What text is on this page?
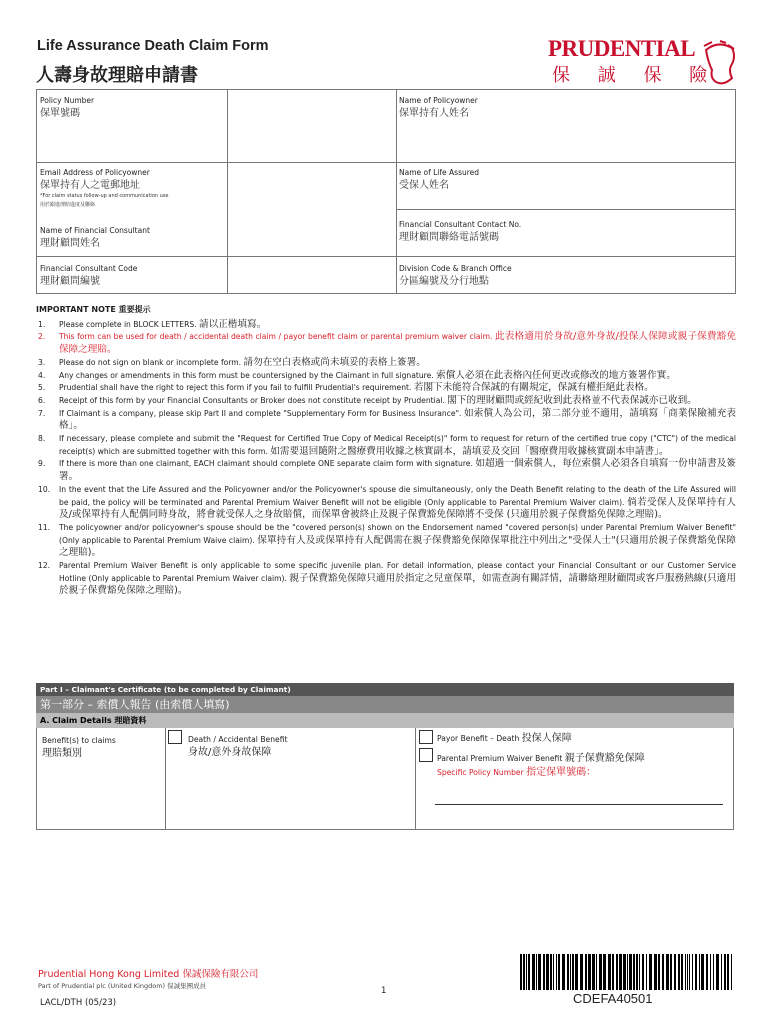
Life Assurance Death Claim Form
人壽身故理賠申請書
PRUDENTIAL
保 誠 保 險
Policy Number
保單號碼
Name of Policyowner
保單持有人姓名
Email Address of Policyowner
保單持有人之電郵地址
*For claim status follow-up and communication use
用於跟進理賠進度及聯絡
Name of Life Assured
受保人姓名
Financial Consultant Contact No.
理財顧問聯絡電話號碼
Name of Financial Consultant
理財顧問姓名
Financial Consultant Code
理財顧問編號
Division Code & Branch Office
分區編號及分行地點
IMPORTANT NOTE 重要提示
1. Please complete in BLOCK LETTERS. 請以正楷填寫。
2. This form can be used for death / accidental death claim / payor benefit claim or parental premium waiver claim. 此表格適用於身故/意外身故/投保人保障或親子保費豁免保障之理賠。
3. Please do not sign on blank or incomplete form. 請勿在空白表格或尚未填妥的表格上簽署。
4. Any changes or amendments in this form must be countersigned by the Claimant in full signature. 索償人必須在此表格內任何更改或修改的地方簽署作實。
5. Prudential shall have the right to reject this form if you fail to fulfill Prudential's requirement. 若閣下未能符合保誠的有關規定，保誠有權拒絕此表格。
6. Receipt of this form by your Financial Consultants or Broker does not constitute receipt by Prudential. 閣下的理財顧問或經紀收到此表格並不代表保誠亦已收到。
7. If Claimant is a company, please skip Part II and complete "Supplementary Form for Business Insurance". 如索償人為公司，第二部分並不適用，請填寫「商業保險補充表格」。
8. If necessary, please complete and submit the "Request for Certified True Copy of Medical Receipt(s)" form to request for return of the certified true copy ("CTC") of the medical receipt(s) which are submitted together with this form. 如需要退回隨附之醫療費用收據之核實副本，請填妥及交回「醫療費用收據核實副本申請書」。
9. If there is more than one claimant, EACH claimant should complete ONE separate claim form with signature. 如超過一個索償人，每位索償人必須各自填寫一份申請書及簽署。
10. In the event that the Life Assured and the Policyowner and/or the Policyowner's spouse die simultaneously, only the Death Benefit relating to the death of the Life Assured will be paid, the policy will be terminated and Parental Premium Waiver Benefit will not be eligible (Only applicable to Parental Premium Waiver claim). 倘若受保人及保單持有人及/或保單持有人配偶同時身故，將會就受保人之身故賠償，而保單會被終止及親子保費豁免保障將不受保 (只適用於親子保費豁免保障之理賠)。
11. The policyowner and/or policyowner's spouse should be the "covered person(s) shown on the Endorsement named "covered person(s) under Parental Premium Waiver Benefit" (Only applicable to Parental Premium Waive claim). 保單持有人及或保單持有人配偶需在親子保費豁免保障保單批注中列出之"受保人士"(只適用於親子保費豁免保障之理賠)。
12. Parental Premium Waiver Benefit is only applicable to some specific juvenile plan. For detail information, please contact your Financial Consultant or our Customer Service Hotline (Only applicable to Parental Premium Waiver claim). 親子保費豁免保障只適用於指定之兒童保單，如需查詢有關詳情，請聯絡理財顧問或客戶服務熱線(只適用於親子保費豁免保障之理賠)。
Part I – Claimant's Certificate (to be completed by Claimant)
第一部分 – 索償人報告 (由索償人填寫)
A. Claim Details 理賠資料
Benefit(s) to claims
理賠類別
Death / Accidental Benefit
身故/意外身故保障
Payor Benefit – Death 投保人保障
Parental Premium Waiver Benefit 親子保費豁免保障
Specific Policy Number 指定保單號碼：
Prudential Hong Kong Limited 保誠保險有限公司
Part of Prudential plc (United Kingdom) 保誠集團成員
LACL/DTH (05/23)
1	CDEFA40501
